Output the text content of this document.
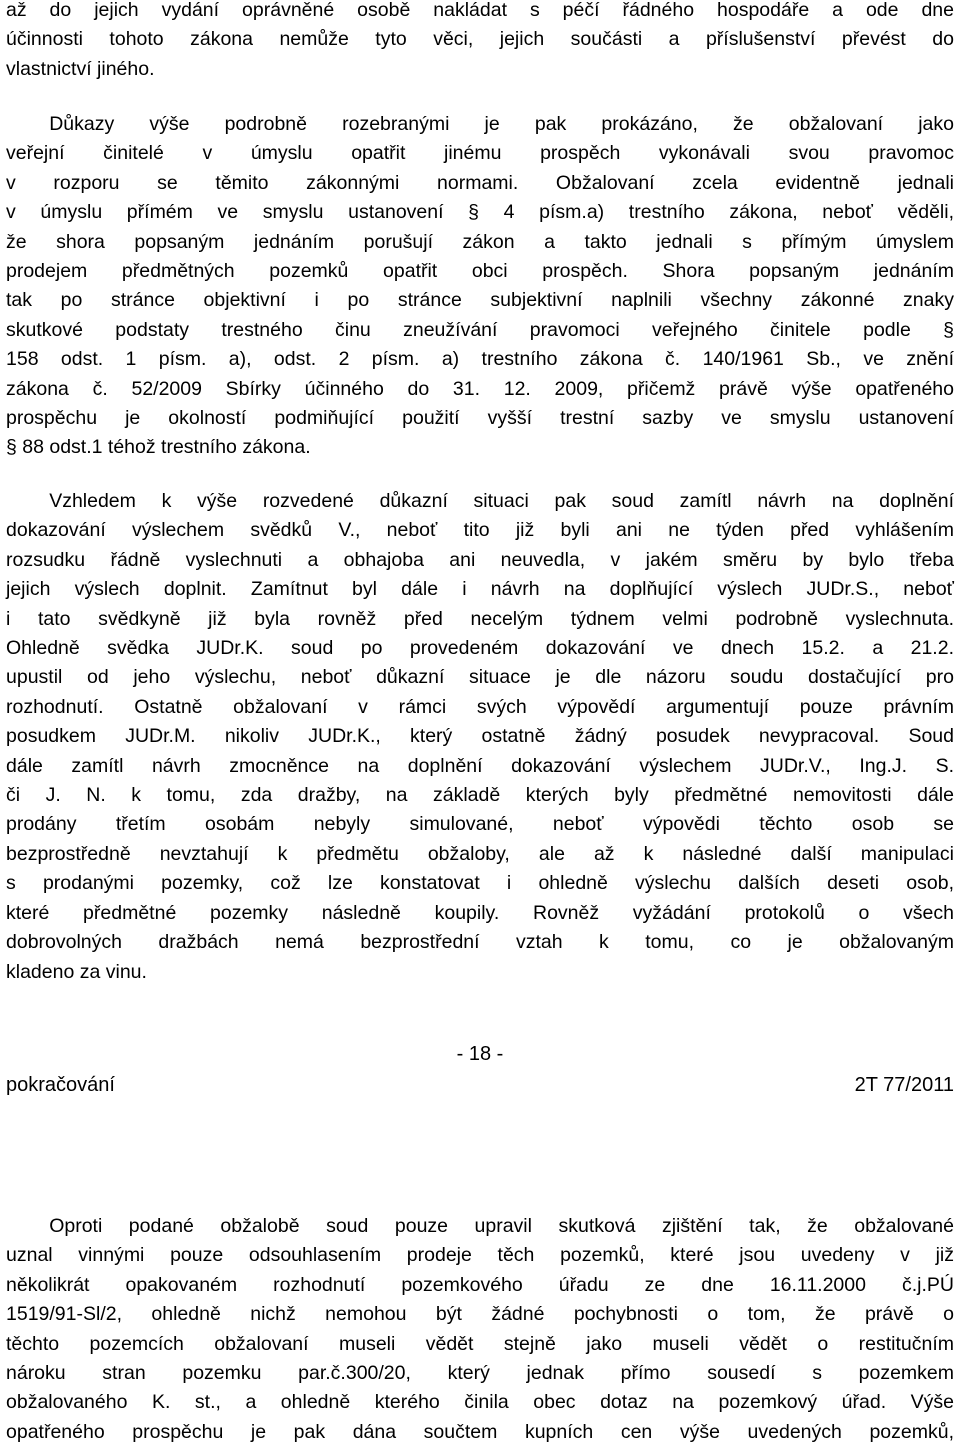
až do jejich vydání oprávněné osobě nakládat s péčí řádného hospodáře a ode dne
účinnosti tohoto zákona nemůže tyto věci, jejich součásti a příslušenství převést do
vlastnictví jiného.
Důkazy výše podrobně rozebranými je pak prokázáno, že obžalovaní jako
veřejní činitelé v úmyslu opatřit jinému prospěch vykonávali svou pravomoc
v rozporu se těmito zákonnými normami. Obžalovaní zcela evidentně jednali
v úmyslu přímém ve smyslu ustanovení § 4 písm.a) trestního zákona, neboť věděli,
že shora popsaným jednáním porušují zákon a takto jednali s přímým úmyslem
prodejem předmětných pozemků opatřit obci prospěch. Shora popsaným jednáním
tak po stránce objektivní i po stránce subjektivní naplnili všechny zákonné znaky
skutkové podstaty trestného činu zneužívání pravomoci veřejného činitele podle §
158 odst. 1 písm. a), odst. 2 písm. a) trestního zákona č. 140/1961 Sb., ve znění
zákona č. 52/2009 Sbírky účinného do 31. 12. 2009, přičemž právě výše opatřeného
prospěchu je okolností podmiňující použití vyšší trestní sazby ve smyslu ustanovení
§ 88 odst.1 téhož trestního zákona.
Vzhledem k výše rozvedené důkazní situaci pak soud zamítl návrh na doplnění
dokazování výslechem svědků V., neboť tito již byli ani ne týden před vyhlášením
rozsudku řádně vyslechnuti a obhajoba ani neuvedla, v jakém směru by bylo třeba
jejich výslech doplnit. Zamítnut byl dále i návrh na doplňující výslech JUDr.S., neboť
i tato svědkyně již byla rovněž před necelým týdnem velmi podrobně vyslechnuta.
Ohledně svědka JUDr.K. soud po provedeném dokazování ve dnech 15.2. a 21.2.
upustil od jeho výslechu, neboť důkazní situace je dle názoru soudu dostačující pro
rozhodnutí. Ostatně obžalovaní v rámci svých výpovědí argumentují pouze právním
posudkem JUDr.M. nikoliv JUDr.K., který ostatně žádný posudek nevypracoval. Soud
dále zamítl návrh zmocněnce na doplnění dokazování výslechem JUDr.V., Ing.J. S.
či J. N. k tomu, zda dražby, na základě kterých byly předmětné nemovitosti dále
prodány třetím osobám nebyly simulované, neboť výpovědi těchto osob se
bezprostředně nevztahují k předmětu obžaloby, ale až k následné další manipulaci
s prodanými pozemky, což lze konstatovat i ohledně výslechu dalších deseti osob,
které předmětné pozemky následně koupily. Rovněž vyžádání protokolů o všech
dobrovolných dražbách nemá bezprostřední vztah k tomu, co je obžalovaným
kladeno za vinu.
- 18 -
pokračování	2T 77/2011
Oproti podané obžalobě soud pouze upravil skutková zjištění tak, že obžalované
uznal vinnými pouze odsouhlasením prodeje těch pozemků, které jsou uvedeny v již
několikrát opakovaném rozhodnutí pozemkového úřadu ze dne 16.11.2000 č.j.PÚ
1519/91-Sl/2, ohledně nichž nemohou být žádné pochybnosti o tom, že právě o
těchto pozemcích obžalovaní museli vědět stejně jako museli vědět o restitučním
nároku stran pozemku par.č.300/20, který jednak přímo sousedí s pozemkem
obžalovaného K. st., a ohledně kterého činila obec dotaz na pozemkový úřad. Výše
opatřeného prospěchu je pak dána součtem kupních cen výše uvedených pozemků,
